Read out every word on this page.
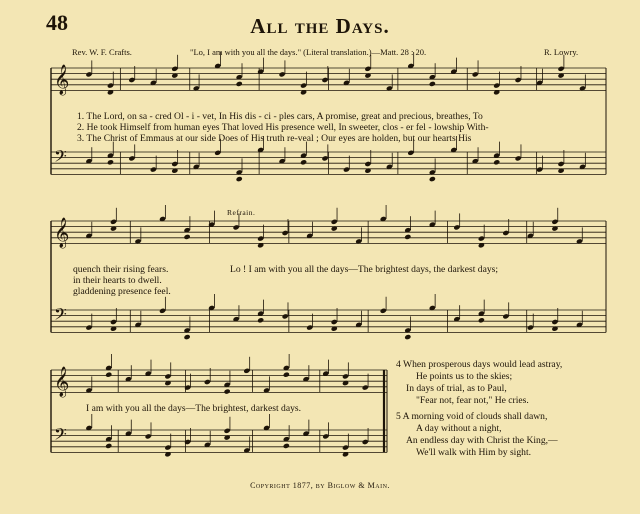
𝄞
𝄢
𝄞
𝄢
𝄞
𝄢
48	All the Days.
Rev. W. F. Crafts.	"Lo, I am with you all the days." (Literal translation.)—Matt. 28 : 20.	R. Lowry.
1. The Lord, on sa - cred Ol - i - vet, In His dis - ci - ples cars, A promise, great and precious, breathes, To
2. He took Himself from human eyes That loved His presence well, In sweeter, clos - er fel - lowship With-
3. The Christ of Emmaus at our side Does of His truth re-veal ; Our eyes are holden, but our hearts His
Refrain.
quench their rising fears.
in their hearts to dwell.
gladdening presence feel.
Lo ! I am with you all the days—The brightest days, the darkest days;
I am with you all the days—The brightest, darkest days.
4 When prosperous days would lead astray,
He points us to the skies;
In days of trial, as to Paul,
"Fear not, fear not," He cries.
5 A morning void of clouds shall dawn,
A day without a night,
An endless day with Christ the King,—
We'll walk with Him by sight.
Copyright 1877, by Biglow & Main.
